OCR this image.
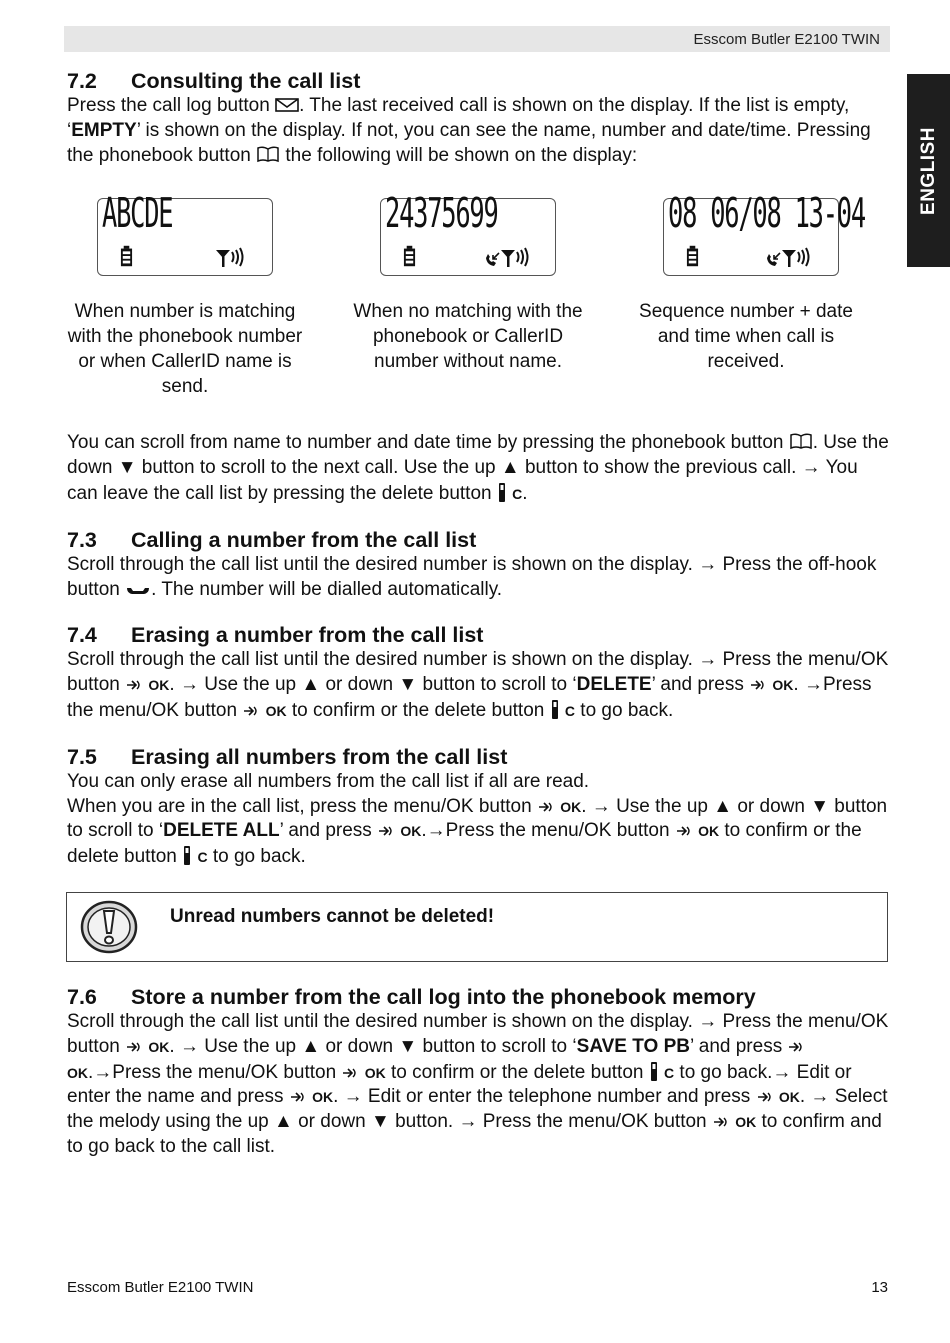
Esscom Butler E2100 TWIN
ENGLISH
7.2 Consulting the call list

Press the call log button . The last received call is shown on the display. If the list is empty, ‘EMPTY’ is shown on the display. If not, you can see the name, number and date/time. Pressing the phonebook button  the following will be shown on the display:

ABCDE	24375699	08 06/08 13-04
When number is matching with the phonebook number or when CallerID name is send.
When no matching with the phonebook or CallerID number without name.
Sequence number + date and time when call is received.

You can scroll from name to number and date time by pressing the phonebook button . Use the down ▼ button to scroll to the next call. Use the up ▲ button to show the previous call. → You can leave the call list by pressing the delete button  C.

7.3 Calling a number from the call list

Scroll through the call list until the desired number is shown on the display. → Press the off-hook button . The number will be dialled automatically.

7.4 Erasing a number from the call list

Scroll through the call list until the desired number is shown on the display. → Press the menu/OK button  OK. → Use the up ▲ or down ▼ button to scroll to ‘DELETE’ and press  OK. →Press the menu/OK button  OK to confirm or the delete button  C to go back.

7.5 Erasing all numbers from the call list

You can only erase all numbers from the call list if all are read.

When you are in the call list, press the menu/OK button  OK. → Use the up ▲ or down ▼ button to scroll to ‘DELETE ALL’ and press  OK.→Press the menu/OK button  OK to confirm or the delete button  C to go back.

Unread numbers cannot be deleted!
7.6 Store a number from the call log into the phonebook memory

Scroll through the call list until the desired number is shown on the display. → Press the menu/OK button  OK. → Use the up ▲ or down ▼ button to scroll to ‘SAVE TO PB’ and press  OK.→Press the menu/OK button  OK to confirm or the delete button  C to go back.→ Edit or enter the name and press  OK. → Edit or enter the telephone number and press  OK. → Select the melody using the up ▲ or down ▼ button. → Press the menu/OK button  OK to confirm and to go back to the call list.

Esscom Butler E2100 TWIN	13
